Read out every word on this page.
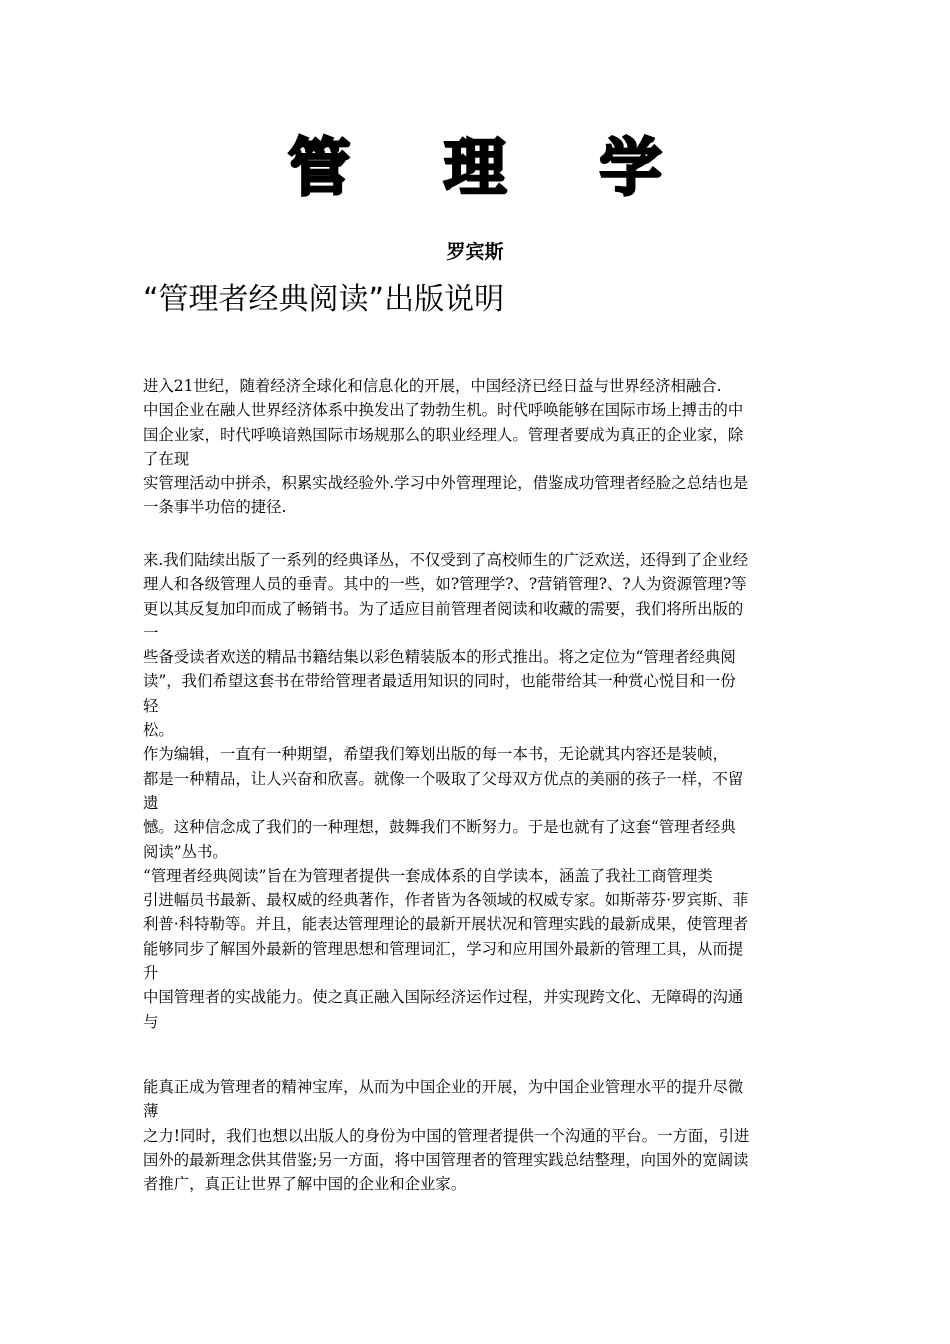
管 理 学
罗宾斯
“管理者经典阅读”出版说明
进入21世纪，随着经济全球化和信息化的开展，中国经济已经日益与世界经济相融合.
中国企业在融人世界经济体系中换发出了勃勃生机。时代呼唤能够在国际市场上搏击的中
国企业家，时代呼唤谙熟国际市场规那么的职业经理人。管理者要成为真正的企业家，除
了在现
实管理活动中拼杀，积累实战经验外.学习中外管理理论，借鉴成功管理者经脸之总结也是
一条事半功倍的捷径.
来.我们陆续出版了一系列的经典译丛，不仅受到了高校师生的广泛欢送，还得到了企业经
理人和各级管理人员的垂青。其中的一些，如?管理学?、?营销管理?、?人为资源管理?等
更以其反复加印而成了畅销书。为了适应目前管理者阅读和收藏的需要，我们将所出版的
一
些备受读者欢送的精品书籍结集以彩色精装版本的形式推出。将之定位为“管理者经典阅
读”，我们希望这套书在带给管理者最适用知识的同时，也能带给其一种赏心悦目和一份
轻
松。
作为编辑，一直有一种期望，希望我们筹划出版的每一本书，无论就其内容还是装帧，
都是一种精品，让人兴奋和欣喜。就像一个吸取了父母双方优点的美丽的孩子一样，不留
遗
憾。这种信念成了我们的一种理想，鼓舞我们不断努力。于是也就有了这套“管理者经典
阅读”丛书。
“管理者经典阅读”旨在为管理者提供一套成体系的自学读本，涵盖了我社工商管理类
引进幅员书最新、最权威的经典著作，作者皆为各领域的权威专家。如斯蒂芬·罗宾斯、菲
利普·科特勒等。并且，能表达管理理论的最新开展状况和管理实践的最新成果，使管理者
能够同步了解国外最新的管理思想和管理词汇，学习和应用国外最新的管理工具，从而提
升
中国管理者的实战能力。使之真正融入国际经济运作过程，并实现跨文化、无障碍的沟通
与
能真正成为管理者的精神宝库，从而为中国企业的开展，为中国企业管理水平的提升尽微
薄
之力!同时，我们也想以出版人的身份为中国的管理者提供一个沟通的平台。一方面，引进
国外的最新理念供其借鉴;另一方面，将中国管理者的管理实践总结整理，向国外的宽阔读
者推广，真正让世界了解中国的企业和企业家。
